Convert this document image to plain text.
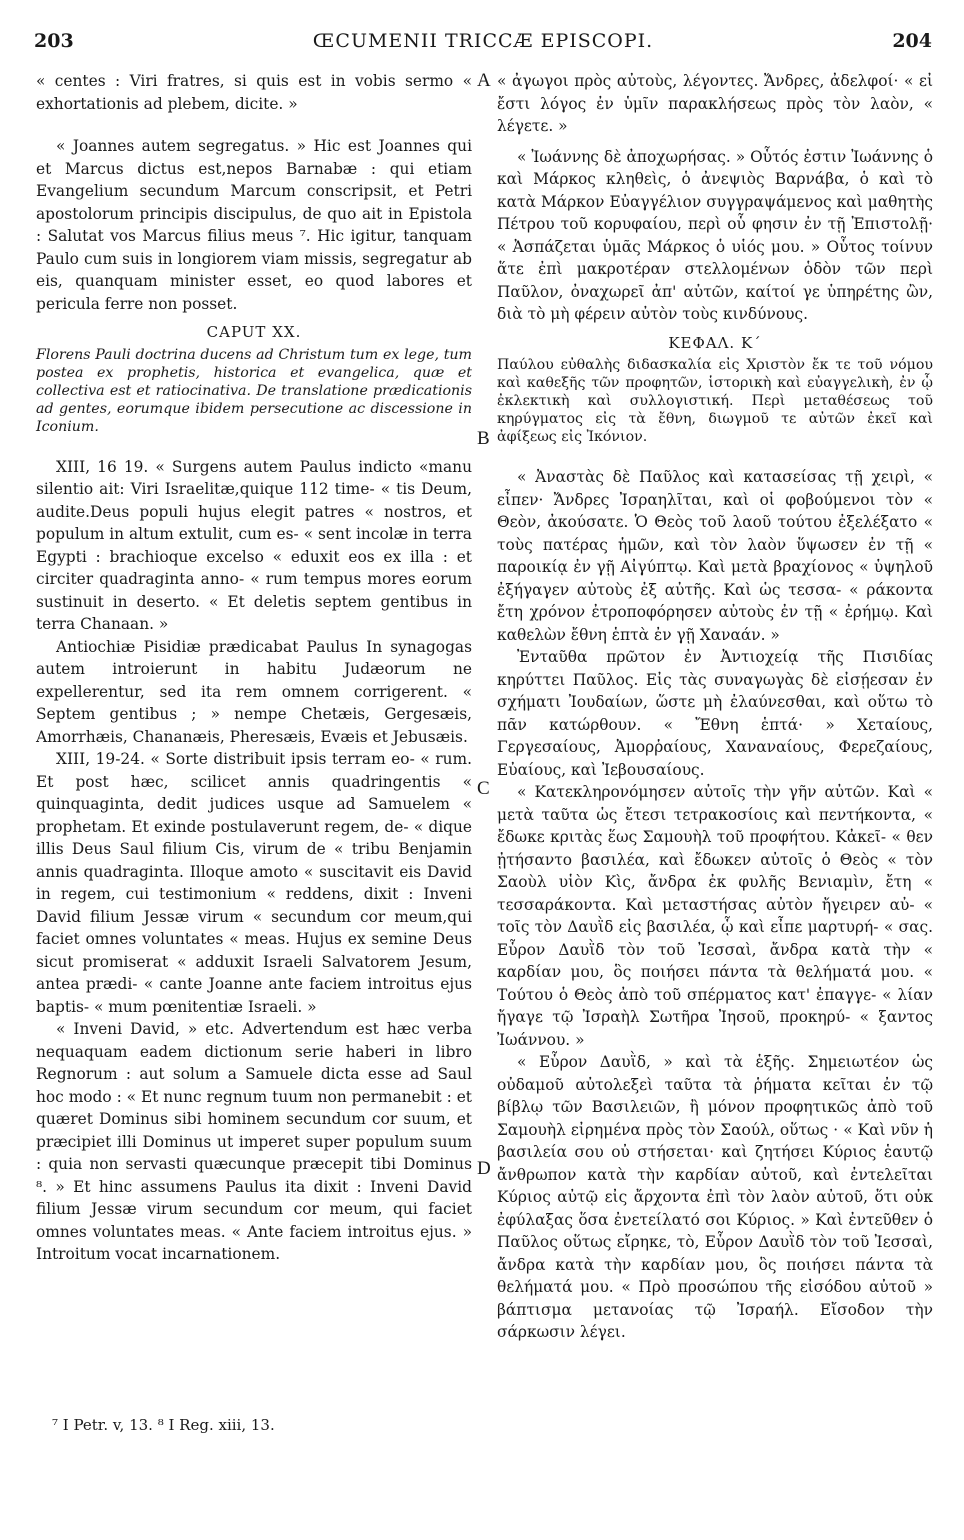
203	ŒCUMENII TRICCÆ EPISCOPI.	204

« centes : Viri fratres, si quis est in vobis sermo « exhortationis ad plebem, dicite. »

« Joannes autem segregatus. » Hic est Joannes qui et Marcus dictus est,nepos Barnabæ : qui etiam Evangelium secundum Marcum conscripsit, et Petri apostolorum principis discipulus, de quo ait in Epistola : Salutat vos Marcus filius meus ⁷. Hic igitur, tanquam Paulo cum suis in longiorem viam missis, segregatur ab eis, quanquam minister esset, eo quod labores et pericula ferre non posset.

CAPUT XX.

Florens Pauli doctrina ducens ad Christum tum ex lege, tum postea ex prophetis, historica et evangelica, quæ et collectiva est et ratiocinativa. De translatione prædicationis ad gentes, eorumque ibidem persecutione ac discessione in Iconium.

XIII, 16 19. « Surgens autem Paulus indicto «manu silentio ait: Viri Israelitæ,quique 112 time- « tis Deum, audite.Deus populi hujus elegit patres « nostros, et populum in altum extulit, cum es- « sent incolæ in terra Egypti : brachioque excelso « eduxit eos ex illa : et circiter quadraginta anno- « rum tempus mores eorum sustinuit in deserto. « Et deletis septem gentibus in terra Chanaan. »

Antiochiæ Pisidiæ prædicabat Paulus In synagogas autem introierunt in habitu Judæorum ne expellerentur, sed ita rem omnem corrigerent. « Septem gentibus ; » nempe Chetæis, Gergesæis, Amorrhæis, Chananæis, Pheresæis, Evæis et Jebusæis.

XIII, 19-24. « Sorte distribuit ipsis terram eo- « rum. Et post hæc, scilicet annis quadringentis « quinquaginta, dedit judices usque ad Samuelem « prophetam. Et exinde postulaverunt regem, de- « dique illis Deus Saul filium Cis, virum de « tribu Benjamin annis quadraginta. Illoque amoto « suscitavit eis David in regem, cui testimonium « reddens, dixit : Inveni David filium Jessæ virum « secundum cor meum,qui faciet omnes voluntates « meas. Hujus ex semine Deus sicut promiserat « adduxit Israeli Salvatorem Jesum, antea prædi- « cante Joanne ante faciem introitus ejus baptis- « mum pœnitentiæ Israeli. »

« Inveni David, » etc. Advertendum est hæc verba nequaquam eadem dictionum serie haberi in libro Regnorum : aut solum a Samuele dicta esse ad Saul hoc modo : « Et nunc regnum tuum non permanebit : et quæret Dominus sibi hominem secundum cor suum, et præcipiet illi Dominus ut imperet super populum suum : quia non servasti quæcunque præcepit tibi Dominus ⁸. » Et hinc assumens Paulus ita dixit : Inveni David filium Jessæ virum secundum cor meum, qui faciet omnes voluntates meas. « Ante faciem introitus ejus. » Introitum vocat incarnationem.

« ἀγωγοι πρὸς αὐτοὺς, λέγοντες. Ἄνδρες, ἀδελφοί· « εἰ ἔστι λόγος ἐν ὑμῖν παρακλήσεως πρὸς τὸν λαὸν, « λέγετε. »

« Ἰωάννης δὲ ἀποχωρήσας. » Οὗτός ἐστιν Ἰωάννης ὁ καὶ Μάρκος κληθεὶς, ὁ ἀνεψιὸς Βαρνάβα, ὁ καὶ τὸ κατὰ Μάρκον Εὐαγγέλιον συγγραψάμενος καὶ μαθητὴς Πέτρου τοῦ κορυφαίου, περὶ οὗ φησιν ἐν τῇ Ἐπιστολῇ· « Ἀσπάζεται ὑμᾶς Μάρκος ὁ υἱός μου. » Οὗτος τοίνυν ἅτε ἐπὶ μακροτέραν στελλομένων ὁδὸν τῶν περὶ Παῦλον, ὀναχωρεῖ ἀπ' αὐτῶν, καίτοί γε ὑπηρέτης ὢν, διὰ τὸ μὴ φέρειν αὐτὸν τοὺς κινδύνους.

ΚΕΦΑΛ. Κ΄

Παύλου εὐθαλὴς διδασκαλία εἰς Χριστὸν ἔκ τε τοῦ νόμου καὶ καθεξῆς τῶν προφητῶν, ἱστορικὴ καὶ εὐαγγελικὴ, ἐν ᾧ ἐκλεκτικὴ καὶ συλλογιστική. Περὶ μεταθέσεως τοῦ κηρύγματος εἰς τὰ ἔθνη, διωγμοῦ τε αὐτῶν ἐκεῖ καὶ ἀφίξεως εἰς Ἰκόνιον.

« Ἀναστὰς δὲ Παῦλος καὶ κατασείσας τῇ χειρὶ, « εἶπεν· Ἄνδρες Ἰσραηλῖται, καὶ οἱ φοβούμενοι τὸν « Θεὸν, ἀκούσατε. Ὁ Θεὸς τοῦ λαοῦ τούτου ἐξελέξατο « τοὺς πατέρας ἡμῶν, καὶ τὸν λαὸν ὕψωσεν ἐν τῇ « παροικίᾳ ἐν γῇ Αἰγύπτῳ. Καὶ μετὰ βραχίονος « ὑψηλοῦ ἐξήγαγεν αὐτοὺς ἐξ αὐτῆς. Καὶ ὡς τεσσα- « ράκοντα ἔτη χρόνον ἐτροποφόρησεν αὐτοὺς ἐν τῇ « ἐρήμῳ. Καὶ καθελὼν ἔθνη ἑπτὰ ἐν γῇ Χαναάν. »

Ἐνταῦθα πρῶτον ἐν Ἀντιοχείᾳ τῆς Πισιδίας κηρύττει Παῦλος. Εἰς τὰς συναγωγὰς δὲ εἰσῄεσαν ἐν σχήματι Ἰουδαίων, ὥστε μὴ ἐλαύνεσθαι, καὶ οὕτω τὸ πᾶν κατώρθουν. « Ἔθνη ἑπτά· » Χεταίους, Γεργεσαίους, Ἀμορῥαίους, Χαναναίους, Φερεζαίους, Εὐαίους, καὶ Ἰεβουσαίους.

« Κατεκληρονόμησεν αὐτοῖς τὴν γῆν αὐτῶν. Καὶ « μετὰ ταῦτα ὡς ἔτεσι τετρακοσίοις καὶ πεντήκοντα, « ἔδωκε κριτὰς ἕως Σαμουὴλ τοῦ προφήτου. Κἀκεῖ- « θεν ᾐτήσαντο βασιλέα, καὶ ἔδωκεν αὐτοῖς ὁ Θεὸς « τὸν Σαοὺλ υἱὸν Κὶς, ἄνδρα ἐκ φυλῆς Βενιαμὶν, ἔτη « τεσσαράκοντα. Καὶ μεταστήσας αὐτὸν ἤγειρεν αὐ- « τοῖς τὸν Δαυῒδ εἰς βασιλέα, ᾧ καὶ εἶπε μαρτυρή- « σας. Εὗρον Δαυῒδ τὸν τοῦ Ἰεσσαὶ, ἄνδρα κατὰ τὴν « καρδίαν μου, ὃς ποιήσει πάντα τὰ θελήματά μου. « Τούτου ὁ Θεὸς ἀπὸ τοῦ σπέρματος κατ' ἐπαγγε- « λίαν ἤγαγε τῷ Ἰσραὴλ Σωτῆρα Ἰησοῦ, προκηρύ- « ξαντος Ἰωάννου. »

« Εὗρον Δαυῒδ, » καὶ τὰ ἑξῆς. Σημειωτέον ὡς οὐδαμοῦ αὐτολεξεὶ ταῦτα τὰ ῥήματα κεῖται ἐν τῷ βίβλῳ τῶν Βασιλειῶν, ἢ μόνον προφητικῶς ἀπὸ τοῦ Σαμουὴλ εἰρημένα πρὸς τὸν Σαούλ, οὕτως · « Καὶ νῦν ἡ βασιλεία σου οὐ στήσεται· καὶ ζητήσει Κύριος ἑαυτῷ ἄνθρωπον κατὰ τὴν καρδίαν αὐτοῦ, καὶ ἐντελεῖται Κύριος αὐτῷ εἰς ἄρχοντα ἐπὶ τὸν λαὸν αὐτοῦ, ὅτι οὐκ ἐφύλαξας ὅσα ἐνετείλατό σοι Κύριος. » Καὶ ἐντεῦθεν ὁ Παῦλος οὕτως εἴρηκε, τὸ, Εὗρον Δαυῒδ τὸν τοῦ Ἰεσσαὶ, ἄνδρα κατὰ τὴν καρδίαν μου, ὃς ποιήσει πάντα τὰ θελήματά μου. « Πρὸ προσώπου τῆς εἰσόδου αὐτοῦ » βάπτισμα μετανοίας τῷ Ἰσραήλ. Εἴσοδον τὴν σάρκωσιν λέγει.

A
B
C
D
⁷ I Petr. v, 13. ⁸ I Reg. xiii, 13.
